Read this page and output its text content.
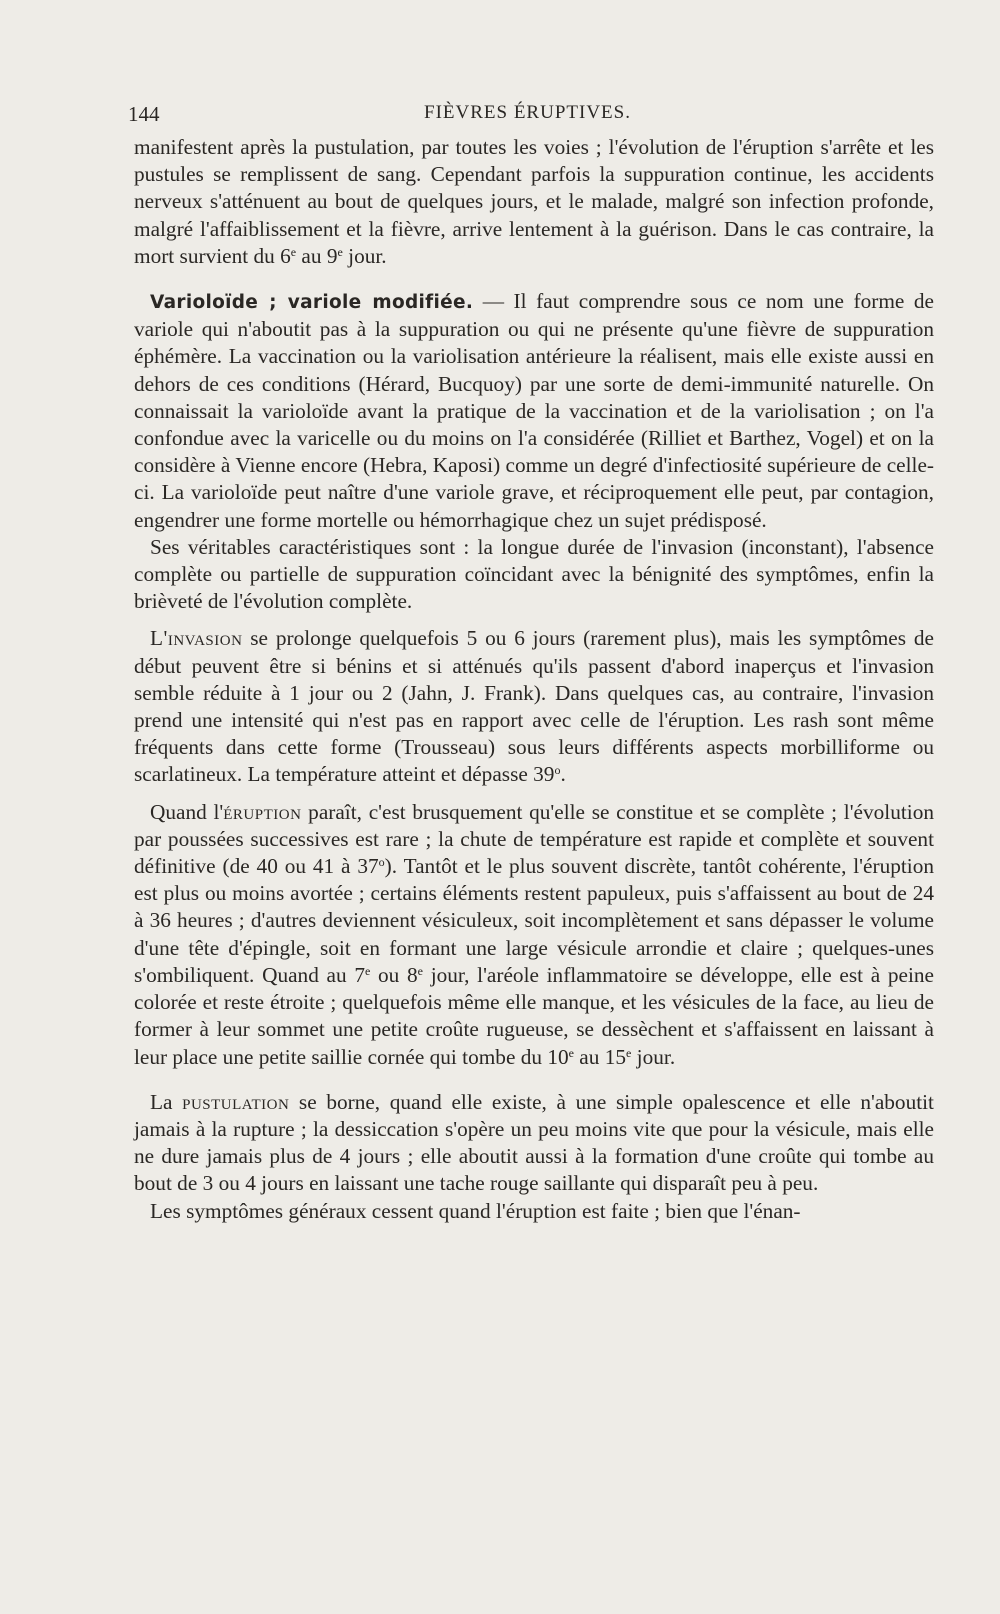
144	FIÈVRES ÉRUPTIVES.

manifestent après la pustulation, par toutes les voies ; l'évolution de l'éruption s'arrête et les pustules se remplissent de sang. Cependant parfois la suppuration continue, les accidents nerveux s'atténuent au bout de quelques jours, et le malade, malgré son infection profonde, malgré l'affaiblissement et la fièvre, arrive lentement à la guérison. Dans le cas contraire, la mort survient du 6e au 9e jour.

Varioloïde ; variole modifiée. — Il faut comprendre sous ce nom une forme de variole qui n'aboutit pas à la suppuration ou qui ne présente qu'une fièvre de suppuration éphémère. La vaccination ou la variolisation antérieure la réalisent, mais elle existe aussi en dehors de ces conditions (Hérard, Bucquoy) par une sorte de demi-immunité naturelle. On connaissait la varioloïde avant la pratique de la vaccination et de la variolisation ; on l'a confondue avec la varicelle ou du moins on l'a considérée (Rilliet et Barthez, Vogel) et on la considère à Vienne encore (Hebra, Kaposi) comme un degré d'infectiosité supérieure de celle-ci. La varioloïde peut naître d'une variole grave, et réciproquement elle peut, par contagion, engendrer une forme mortelle ou hémorrhagique chez un sujet prédisposé.

Ses véritables caractéristiques sont : la longue durée de l'invasion (inconstant), l'absence complète ou partielle de suppuration coïncidant avec la bénignité des symptômes, enfin la brièveté de l'évolution complète.

L'invasion se prolonge quelquefois 5 ou 6 jours (rarement plus), mais les symptômes de début peuvent être si bénins et si atténués qu'ils passent d'abord inaperçus et l'invasion semble réduite à 1 jour ou 2 (Jahn, J. Frank). Dans quelques cas, au contraire, l'invasion prend une intensité qui n'est pas en rapport avec celle de l'éruption. Les rash sont même fréquents dans cette forme (Trousseau) sous leurs différents aspects morbilliforme ou scarlatineux. La température atteint et dépasse 39$^o$.

Quand l'éruption paraît, c'est brusquement qu'elle se constitue et se complète ; l'évolution par poussées successives est rare ; la chute de température est rapide et complète et souvent définitive (de 40 ou 41 à 37$^o$). Tantôt et le plus souvent discrète, tantôt cohérente, l'éruption est plus ou moins avortée ; certains éléments restent papuleux, puis s'affaissent au bout de 24 à 36 heures ; d'autres deviennent vésiculeux, soit incomplètement et sans dépasser le volume d'une tête d'épingle, soit en formant une large vésicule arrondie et claire ; quelques-unes s'ombiliquent. Quand au 7e ou 8e jour, l'aréole inflammatoire se développe, elle est à peine colorée et reste étroite ; quelquefois même elle manque, et les vésicules de la face, au lieu de former à leur sommet une petite croûte rugueuse, se dessèchent et s'affaissent en laissant à leur place une petite saillie cornée qui tombe du 10e au 15e jour.

La pustulation se borne, quand elle existe, à une simple opalescence et elle n'aboutit jamais à la rupture ; la dessiccation s'opère un peu moins vite que pour la vésicule, mais elle ne dure jamais plus de 4 jours ; elle aboutit aussi à la formation d'une croûte qui tombe au bout de 3 ou 4 jours en laissant une tache rouge saillante qui disparaît peu à peu.

Les symptômes généraux cessent quand l'éruption est faite ; bien que l'énan-
